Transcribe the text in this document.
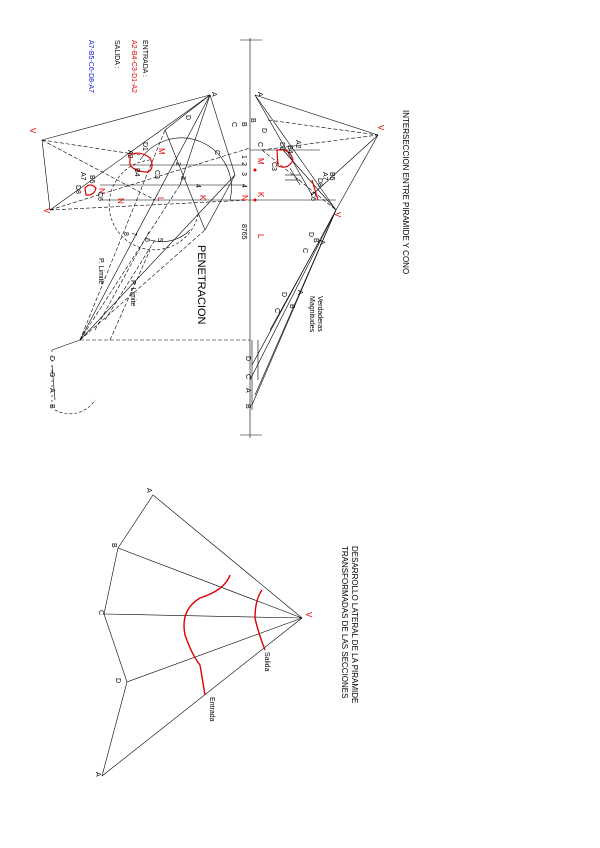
A
B
D
C
B
C
A
D
C
1
2
3
4
8765
M
K
L
N
K
N
M
L
N
V
V
V
V
A2
B4
D1
C3
A7 B5
D8
C6
A2
D1
B4 C3
A7 B5
D8
C6
2
3
4
5
6
7
8
A
B
D
C
A
B
D
C
D
C
A
B
D
C
A
B
INTERSECCION ENTRE PIRAMIDE Y CONO
Verdaderas
Magnitudes
PENETRACION
P. Limite
P. Limite
ENTRADA :
A2-B4-C3-D1-A2
SALIDA :
A7-B5-C6-D8-A7
A
B
C
D
A
V
Salida
Entrada
DESARROLLO LATERAL DE LA PIRAMIDE
TRANSFORMADAS DE LAS SECCIONES
